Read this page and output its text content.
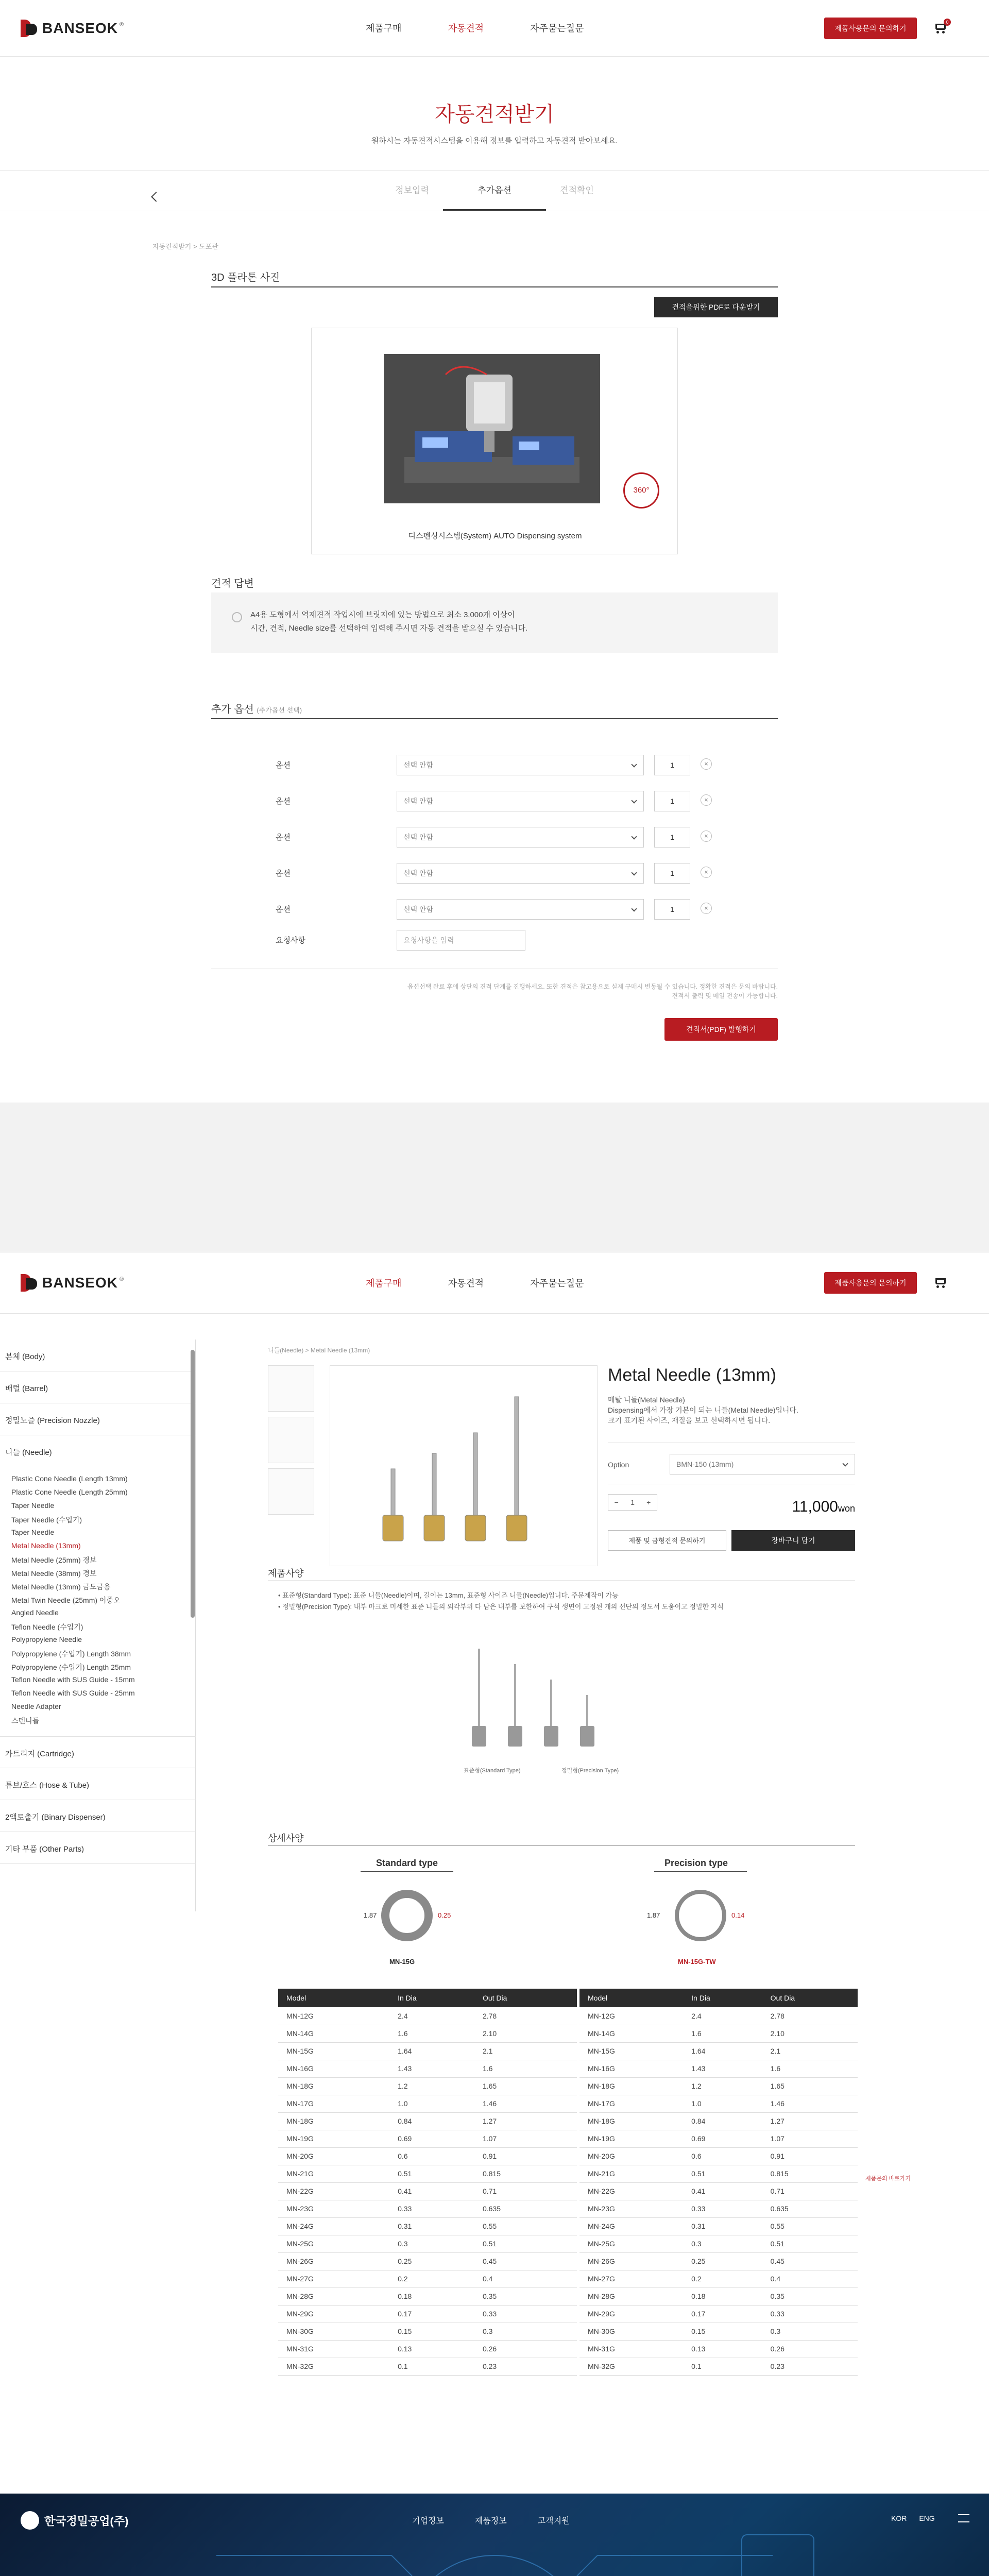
BANSEOK ®	제품구매	자동견적	자주묻는질문	제품사용문의 문의하기
0
자동견적받기
원하시는 자동견적시스템을 이용해 정보를 입력하고 자동견적 받아보세요.
정보입력	추가옵션	견적확인
자동견적받기 > 도포관
3D 플라톤 사진
견적을위한 PDF로 다운받기
360°
디스펜싱시스템(System) AUTO Dispensing system
견적 답변
A4용 도형에서 역제견적 작업시에 브릿지에 있는 방법으로 최소 3,000개 이상이
시간, 견적, Needle size를 선택하여 입력해 주시면 자동 견적을 받으실 수 있습니다.
추가 옵션 (추가옵션 선택)
옵션	선택 안함	1	×
옵션	선택 안함	1	×
옵션	선택 안함	1	×
옵션	선택 안함	1	×
옵션	선택 안함	1	×
요청사항	요청사항을 입력
옵션선택 완료 후에 상단의 견적 단계를 진행하세요. 또한 견적은 참고용으로 실제 구매시 변동될 수 있습니다. 정확한 견적은 문의 바랍니다.
견적서 출력 및 메일 전송이 가능합니다.
견적서(PDF) 발행하기
BANSEOK ®	제품구매	자동견적	자주묻는질문	제품사용문의 문의하기
본체 (Body)
배럴 (Barrel)
정밀노즐 (Precision Nozzle)
니들 (Needle)
Plastic Cone Needle (Length 13mm)
Plastic Cone Needle (Length 25mm)
Taper Needle
Taper Needle (수입기)
Taper Needle
Metal Needle (13mm)
Metal Needle (25mm) 경보
Metal Needle (38mm) 경보
Metal Needle (13mm) 금도금용
Metal Twin Needle (25mm) 이중오
Angled Needle
Teflon Needle (수입기)
Polypropylene Needle
Polypropylene (수입기) Length 38mm
Polypropylene (수입기) Length 25mm
Teflon Needle with SUS Guide - 15mm
Teflon Needle with SUS Guide - 25mm
Needle Adapter
스텐니들
카트리지 (Cartridge)
튜브/호스 (Hose & Tube)
2액토출기 (Binary Dispenser)
기타 부품 (Other Parts)
니들(Needle) > Metal Needle (13mm)
Metal Needle (13mm)
메탈 니들(Metal Needle)
Dispensing에서 가장 기본이 되는 니들(Metal Needle)입니다.
크기 표기된 사이즈, 재질을 보고 선택하시면 됩니다.
Option	BMN-150 (13mm)
− 1 +	11,000won
제품 및 금형견적 문의하기	장바구니 담기
제품사양
• 표준형(Standard Type): 표준 니들(Needle)이며, 길이는 13mm, 표준형 사이즈 니들(Needle)입니다. 주문제작이 가능
• 정밀형(Precision Type): 내부 마크로 미세한 표준 니들의 외각부위 다 남은 내부를 보한하여 구석 생면이 고정된 개의 선단의 정도서 도움이고 정밀한 지식
표준형(Standard Type)	정밀형(Precision Type)
상세사양
Standard type
1.87	0.25
MN-15G
Precision type
1.87	0.14
MN-15G-TW
Model	In Dia	Out Dia
MN-12G	2.4	2.78
MN-14G	1.6	2.10
MN-15G	1.64	2.1
MN-16G	1.43	1.6
MN-18G	1.2	1.65
MN-17G	1.0	1.46
MN-18G	0.84	1.27
MN-19G	0.69	1.07
MN-20G	0.6	0.91
MN-21G	0.51	0.815
MN-22G	0.41	0.71
MN-23G	0.33	0.635
MN-24G	0.31	0.55
MN-25G	0.3	0.51
MN-26G	0.25	0.45
MN-27G	0.2	0.4
MN-28G	0.18	0.35
MN-29G	0.17	0.33
MN-30G	0.15	0.3
MN-31G	0.13	0.26
MN-32G	0.1	0.23
Model	In Dia	Out Dia
MN-12G	2.4	2.78
MN-14G	1.6	2.10
MN-15G	1.64	2.1
MN-16G	1.43	1.6
MN-18G	1.2	1.65
MN-17G	1.0	1.46
MN-18G	0.84	1.27
MN-19G	0.69	1.07
MN-20G	0.6	0.91
MN-21G	0.51	0.815
MN-22G	0.41	0.71
MN-23G	0.33	0.635
MN-24G	0.31	0.55
MN-25G	0.3	0.51
MN-26G	0.25	0.45
MN-27G	0.2	0.4
MN-28G	0.18	0.35
MN-29G	0.17	0.33
MN-30G	0.15	0.3
MN-31G	0.13	0.26
MN-32G	0.1	0.23
제품문의 바로가기
한국정밀공업(주)	기업정보	제품정보	고객지원	KOR ENG
